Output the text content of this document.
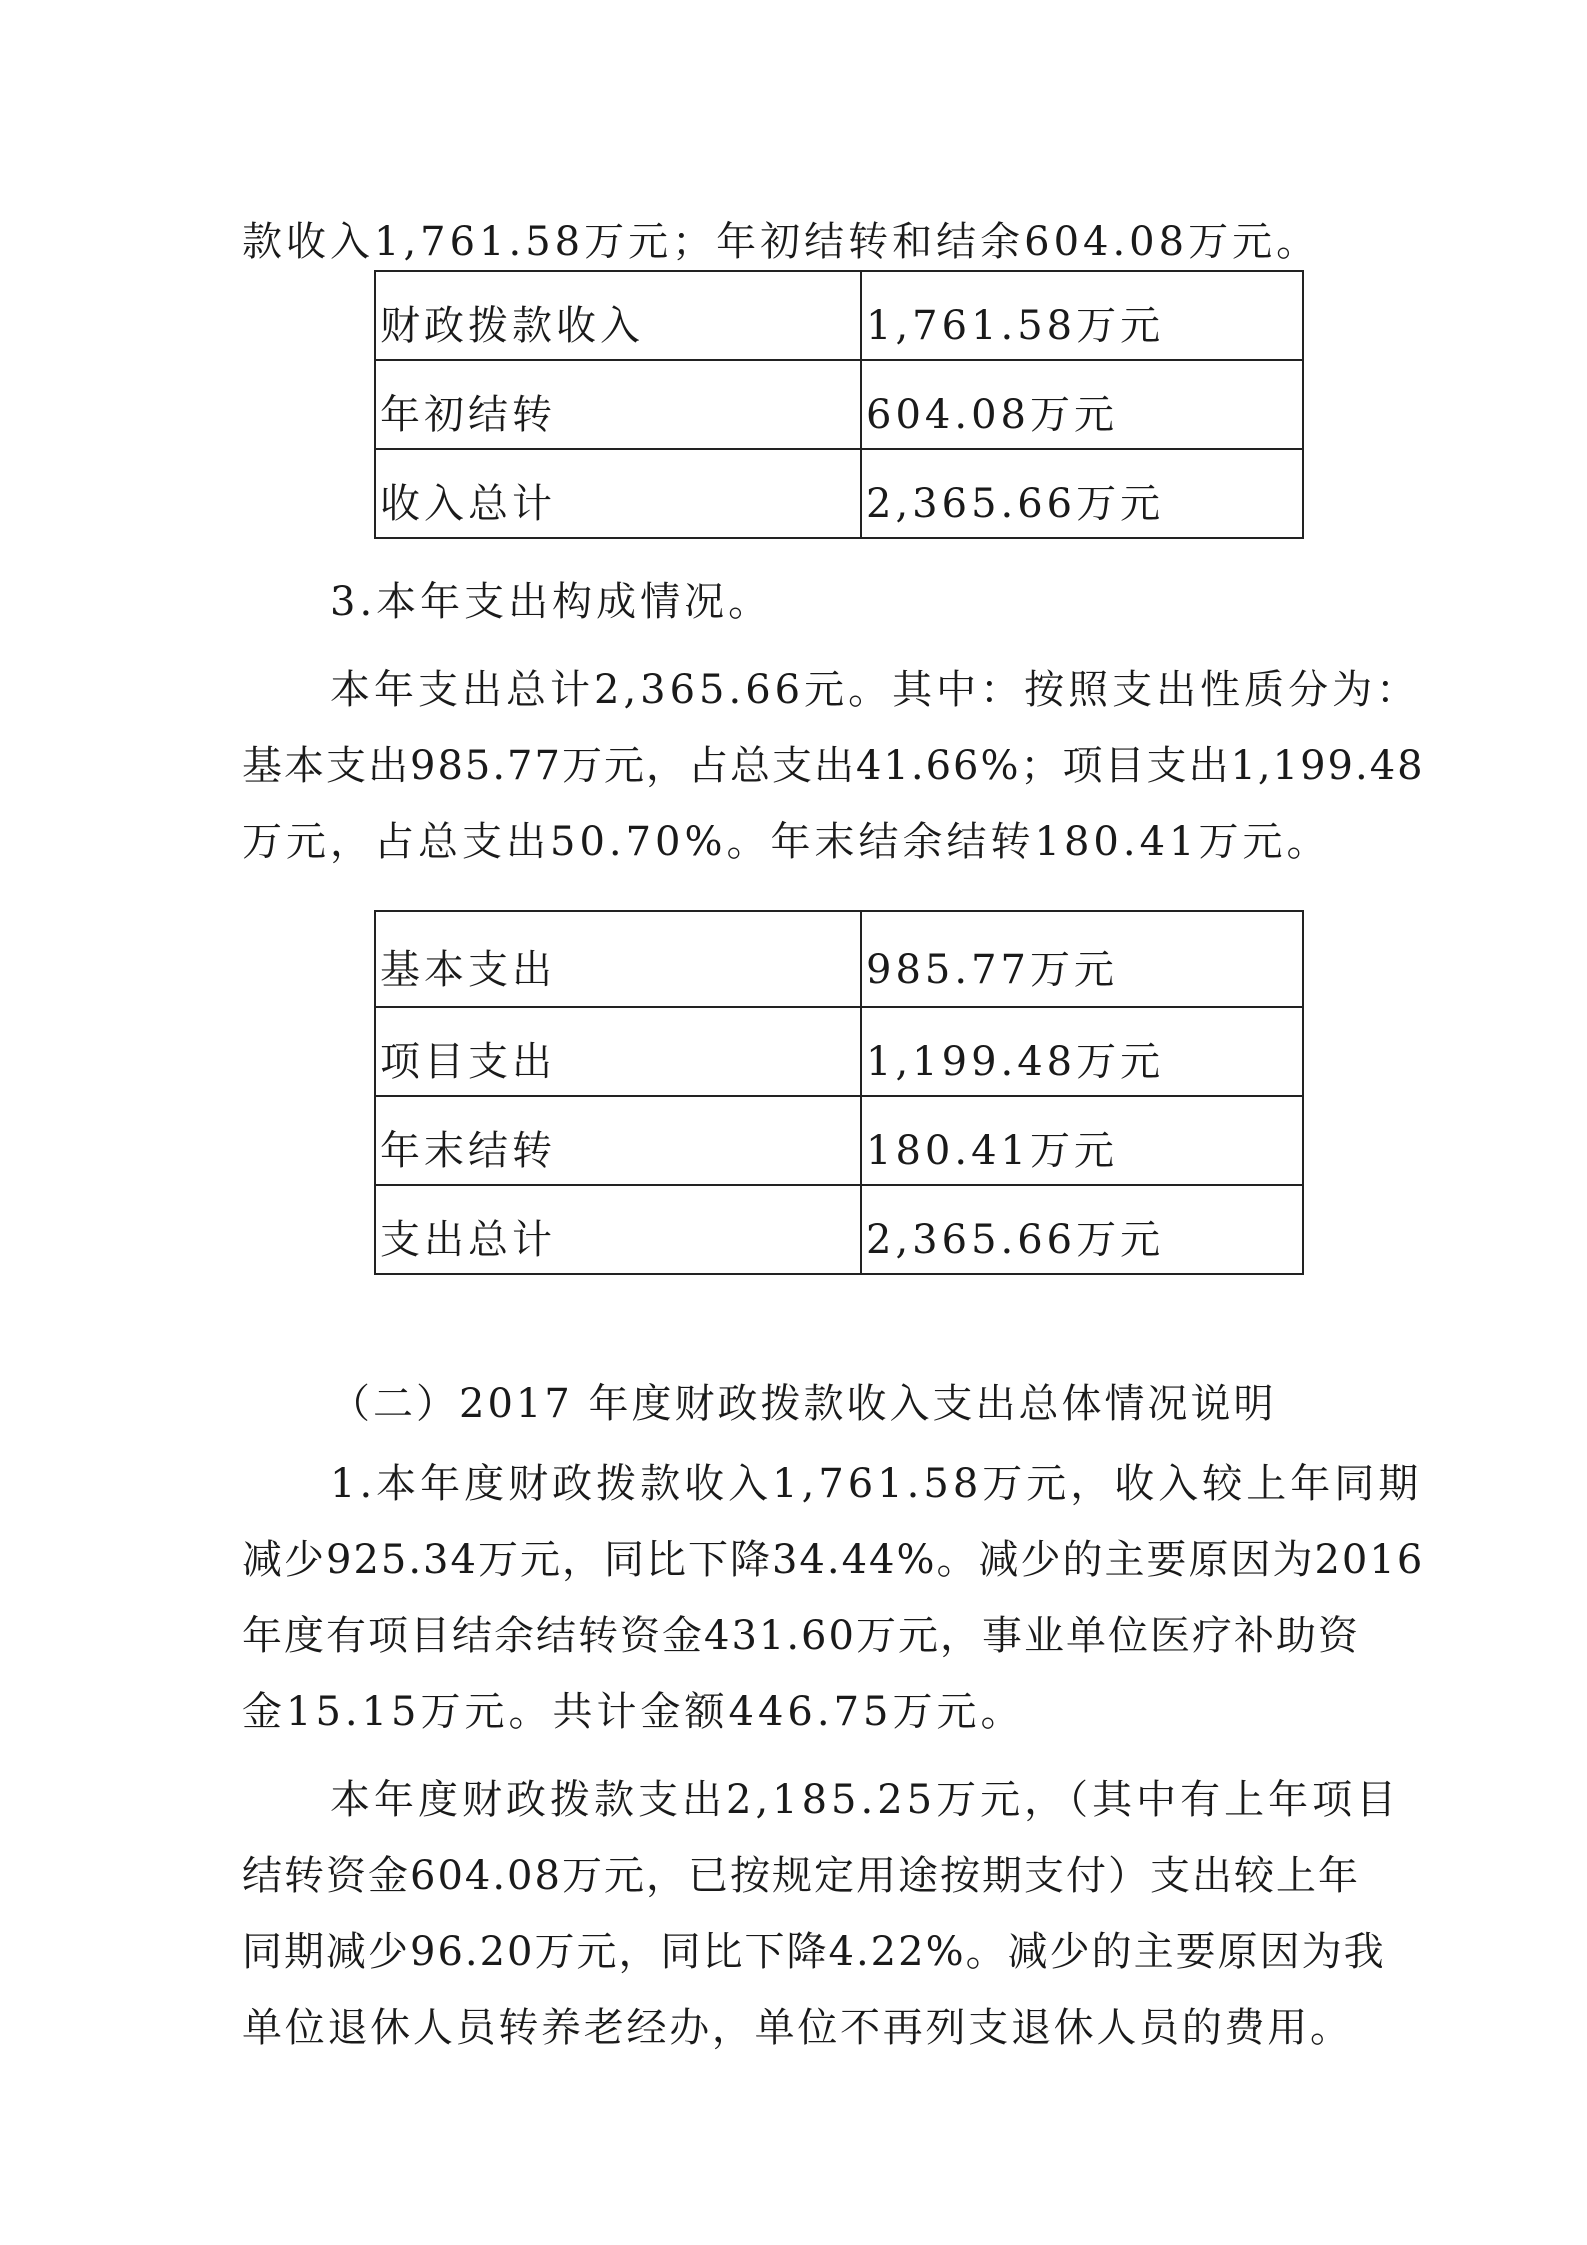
款收入1,761.58万元；年初结转和结余604.08万元。
财政拨款收入	1,761.58万元
年初结转	604.08万元
收入总计	2,365.66万元
3.本年支出构成情况。
本年支出总计2,365.66元。其中：按照支出性质分为：
基本支出985.77万元，占总支出41.66%；项目支出1,199.48
万元，占总支出50.70%。年末结余结转180.41万元。
基本支出	985.77万元
项目支出	1,199.48万元
年末结转	180.41万元
支出总计	2,365.66万元
（二）2017 年度财政拨款收入支出总体情况说明
1.本年度财政拨款收入1,761.58万元，收入较上年同期
减少925.34万元，同比下降34.44%。减少的主要原因为2016
年度有项目结余结转资金431.60万元，事业单位医疗补助资
金15.15万元。共计金额446.75万元。
本年度财政拨款支出2,185.25万元，（其中有上年项目
结转资金604.08万元，已按规定用途按期支付）支出较上年
同期减少96.20万元，同比下降4.22%。减少的主要原因为我
单位退休人员转养老经办，单位不再列支退休人员的费用。
